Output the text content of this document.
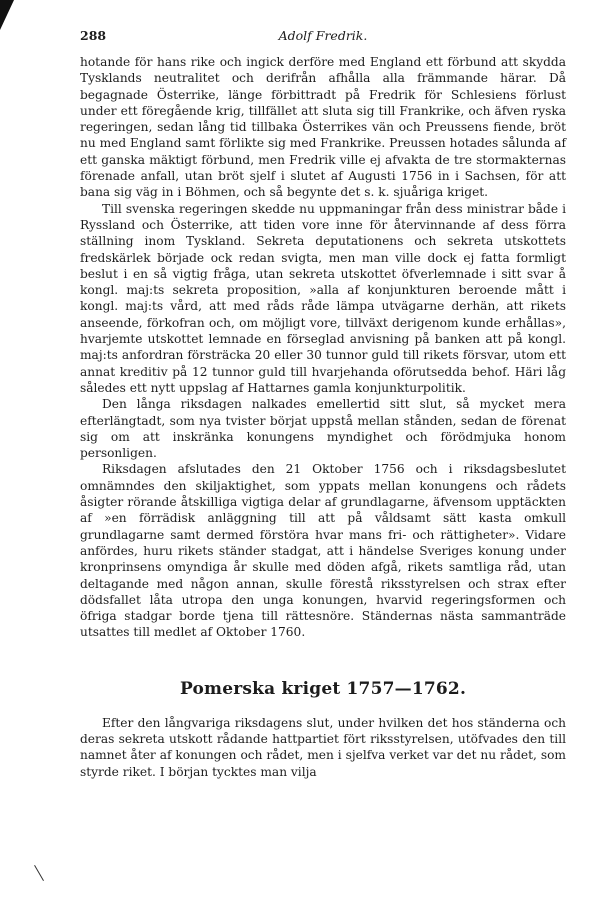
288	Adolf Fredrik.

hotande för hans rike och ingick derföre med England ett förbund att skydda Tysklands neutralitet och derifrån afhålla alla främmande härar. Då begagnade Österrike, länge förbittradt på Fredrik för Schlesiens förlust under ett föregående krig, tillfället att sluta sig till Frankrike, och äfven ryska regeringen, sedan lång tid tillbaka Österrikes vän och Preussens fiende, bröt nu med England samt förlikte sig med Frankrike. Preussen hotades sålunda af ett ganska mäktigt förbund, men Fredrik ville ej afvakta de tre stormakternas förenade anfall, utan bröt sjelf i slutet af Augusti 1756 in i Sachsen, för att bana sig väg in i Böhmen, och så begynte det s. k. sjuåriga kriget.

Till svenska regeringen skedde nu uppmaningar från dess ministrar både i Ryssland och Österrike, att tiden vore inne för återvinnande af dess förra ställning inom Tyskland. Sekreta deputationens och sekreta utskottets fredskärlek började ock redan svigta, men man ville dock ej fatta formligt beslut i en så vigtig fråga, utan sekreta utskottet öfverlemnade i sitt svar å kongl. maj:ts sekreta proposition, »alla af konjunkturen beroende mått i kongl. maj:ts vård, att med råds råde lämpa utvägarne derhän, att rikets anseende, förkofran och, om möjligt vore, tillväxt derigenom kunde erhållas», hvarjemte utskottet lemnade en förseglad anvisning på banken att på kongl. maj:ts anfordran försträcka 20 eller 30 tunnor guld till rikets försvar, utom ett annat kreditiv på 12 tunnor guld till hvarjehanda oförutsedda behof. Häri låg således ett nytt uppslag af Hattarnes gamla konjunkturpolitik.

Den långa riksdagen nalkades emellertid sitt slut, så mycket mera efterlängtadt, som nya tvister börjat uppstå mellan stånden, sedan de förenat sig om att inskränka konungens myndighet och förödmjuka honom personligen.

Riksdagen afslutades den 21 Oktober 1756 och i riksdagsbeslutet omnämndes den skiljaktighet, som yppats mellan konungens och rådets åsigter rörande åtskilliga vigtiga delar af grundlagarne, äfvensom upptäckten af »en förrädisk anläggning till att på våldsamt sätt kasta omkull grundlagarne samt dermed förstöra hvar mans fri- och rättigheter». Vidare anfördes, huru rikets ständer stadgat, att i händelse Sveriges konung under kronprinsens omyndiga år skulle med döden afgå, rikets samtliga råd, utan deltagande med någon annan, skulle förestå riksstyrelsen och strax efter dödsfallet låta utropa den unga konungen, hvarvid regeringsformen och öfriga stadgar borde tjena till rättesnöre. Ständernas nästa sammanträde utsattes till medlet af Oktober 1760.

Pomerska kriget 1757—1762.

Efter den långvariga riksdagens slut, under hvilken det hos ständerna och deras sekreta utskott rådande hattpartiet fört riksstyrelsen, utöfvades den till namnet åter af konungen och rådet, men i sjelfva verket var det nu rådet, som styrde riket. I början tycktes man vilja
